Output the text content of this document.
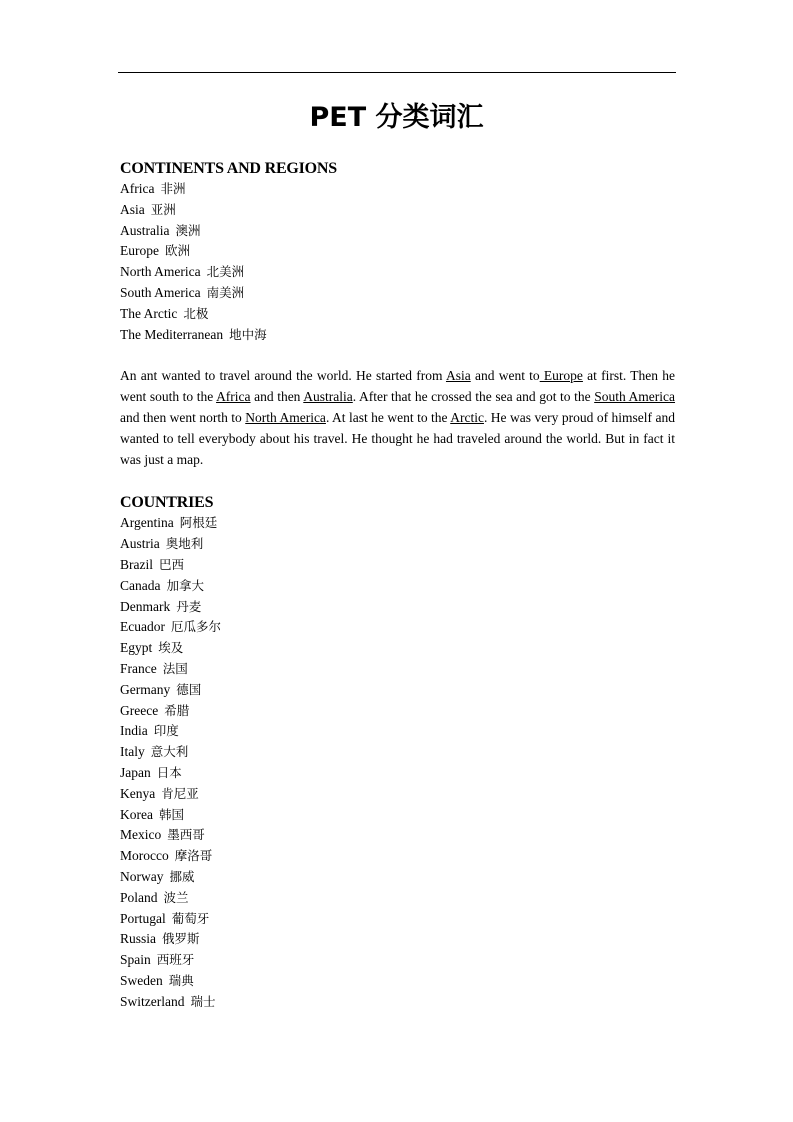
PET 分类词汇
CONTINENTS AND REGIONS
Africa 非洲
Asia 亚洲
Australia 澳洲
Europe 欧洲
North America 北美洲
South America 南美洲
The Arctic 北极
The Mediterranean 地中海

An ant wanted to travel around the world. He started from Asia and went to Europe at first. Then he went south to the Africa and then Australia. After that he crossed the sea and got to the South America and then went north to North America. At last he went to the Arctic. He was very proud of himself and wanted to tell everybody about his travel. He thought he had traveled around the world. But in fact it was just a map.

COUNTRIES
Argentina 阿根廷
Austria 奥地利
Brazil 巴西
Canada 加拿大
Denmark 丹麦
Ecuador 厄瓜多尔
Egypt 埃及
France 法国
Germany 德国
Greece 希腊
India 印度
Italy 意大利
Japan 日本
Kenya 肯尼亚
Korea 韩国
Mexico 墨西哥
Morocco 摩洛哥
Norway 挪威
Poland 波兰
Portugal 葡萄牙
Russia 俄罗斯
Spain 西班牙
Sweden 瑞典
Switzerland 瑞士
